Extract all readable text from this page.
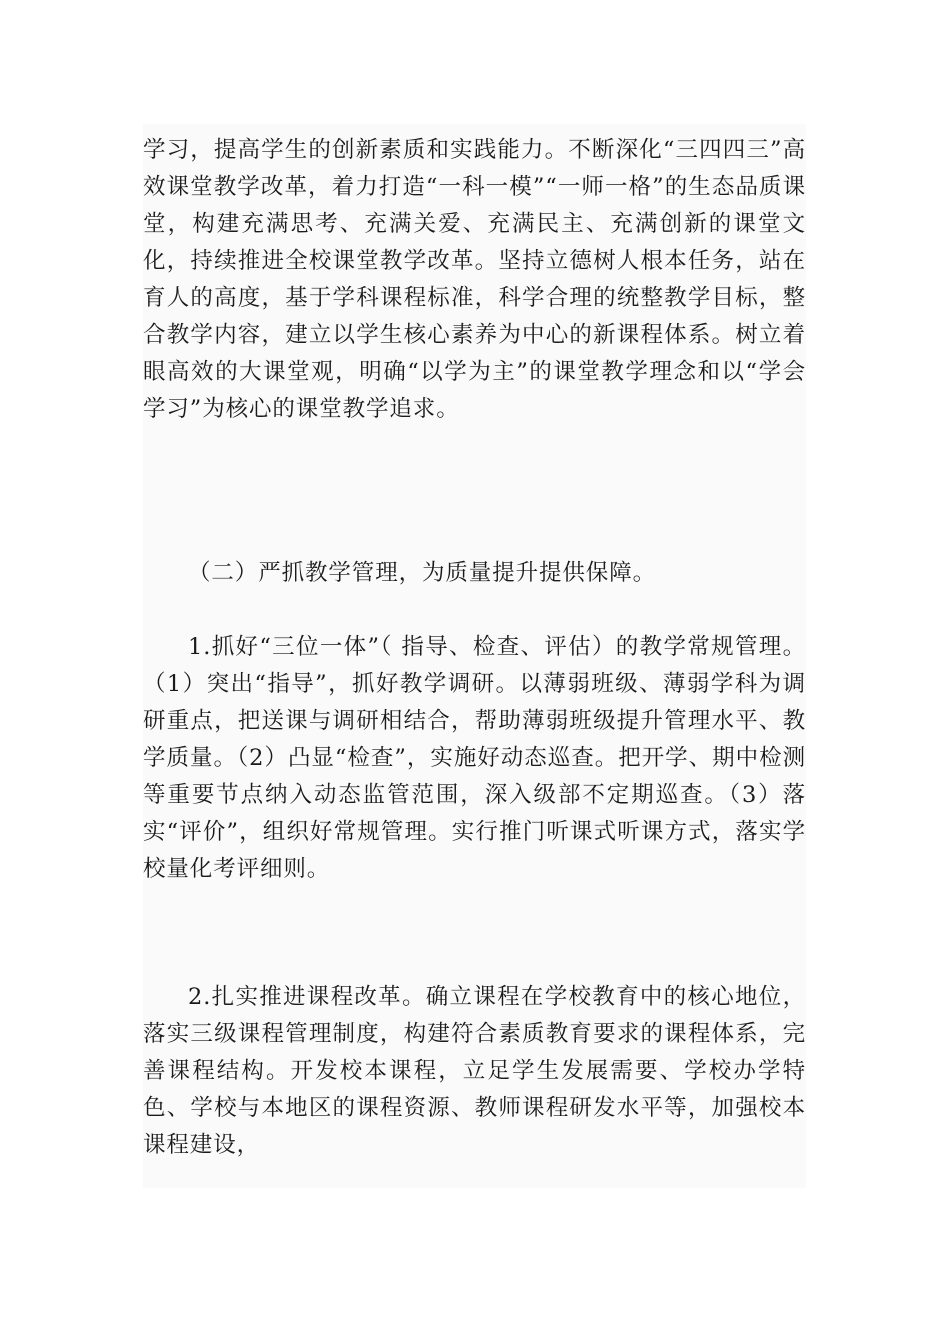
学习，提高学生的创新素质和实践能力。不断深化“三四四三”高效课堂教学改革，着力打造“一科一模”“一师一格”的生态品质课堂，构建充满思考、充满关爱、充满民主、充满创新的课堂文化，持续推进全校课堂教学改革。坚持立德树人根本任务，站在育人的高度，基于学科课程标准，科学合理的统整教学目标，整合教学内容，建立以学生核心素养为中心的新课程体系。树立着眼高效的大课堂观，明确“以学为主”的课堂教学理念和以“学会学习”为核心的课堂教学追求。

（二）严抓教学管理，为质量提升提供保障。

1.抓好“三位一体”（ 指导、检查、评估）的教学常规管理。（1）突出“指导”，抓好教学调研。以薄弱班级、薄弱学科为调研重点，把送课与调研相结合，帮助薄弱班级提升管理水平、教学质量。（2）凸显“检查”，实施好动态巡查。把开学、期中检测等重要节点纳入动态监管范围，深入级部不定期巡查。（3）落实“评价”，组织好常规管理。实行推门听课式听课方式，落实学校量化考评细则。

2.扎实推进课程改革。确立课程在学校教育中的核心地位，落实三级课程管理制度，构建符合素质教育要求的课程体系，完善课程结构。开发校本课程，立足学生发展需要、学校办学特色、学校与本地区的课程资源、教师课程研发水平等，加强校本课程建设，
